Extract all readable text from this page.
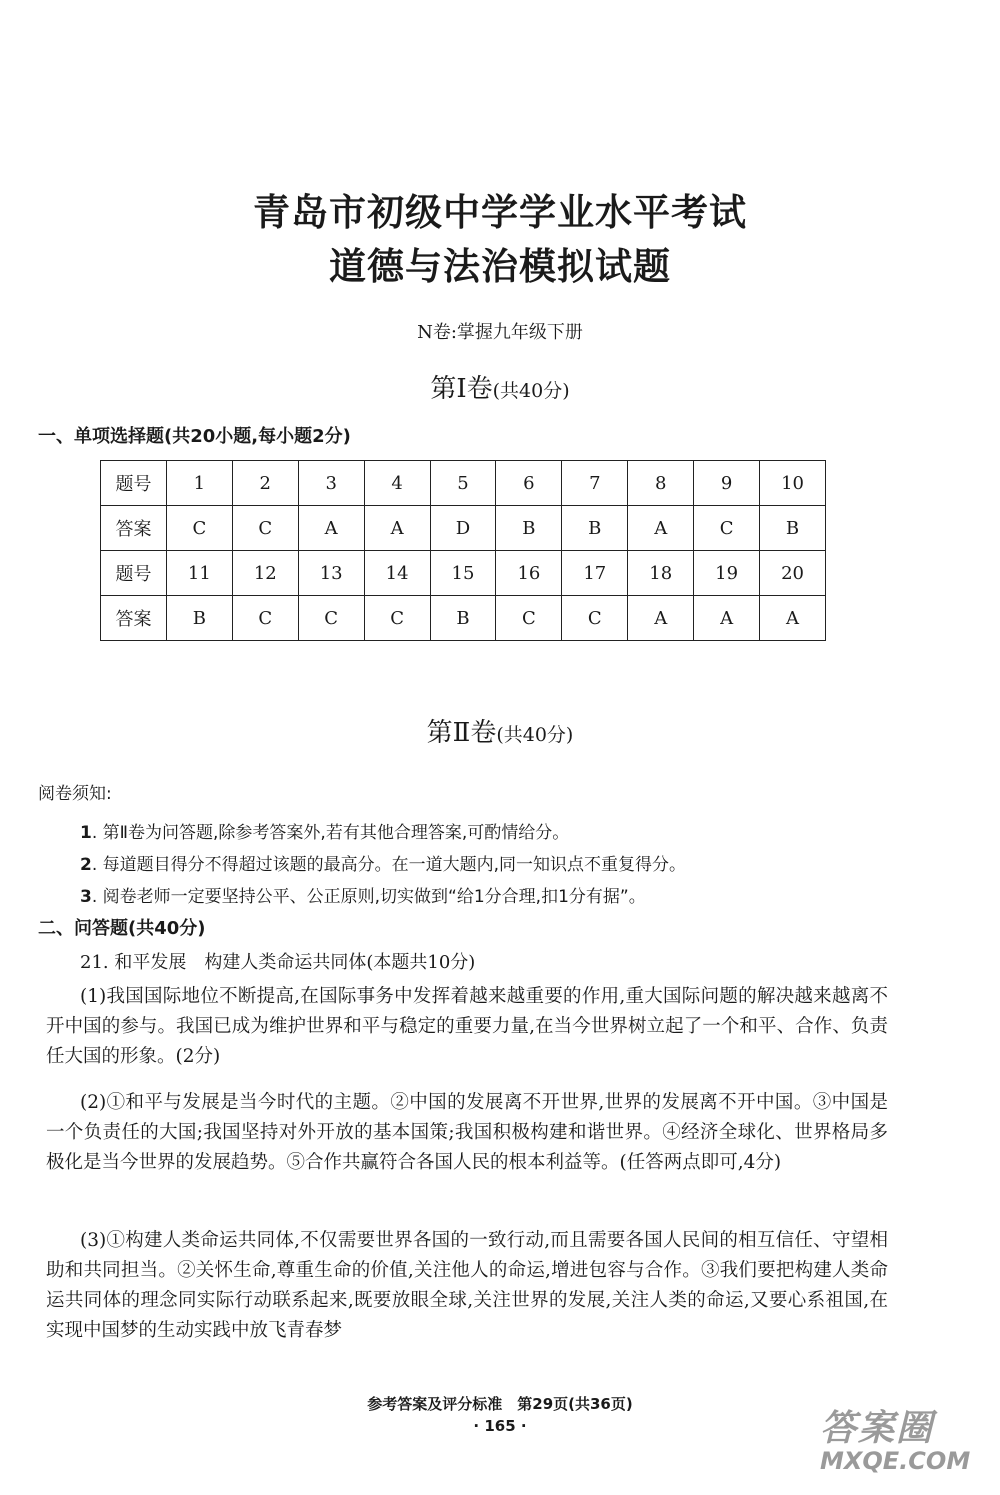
青岛市初级中学学业水平考试
道德与法治模拟试题
N卷:掌握九年级下册
第Ⅰ卷(共40分)
一、单项选择题(共20小题,每小题2分)
题号	1	2	3	4	5	6	7	8	9	10
答案	C	C	A	A	D	B	B	A	C	B
题号	11	12	13	14	15	16	17	18	19	20
答案	B	C	C	C	B	C	C	A	A	A
第Ⅱ卷(共40分)
阅卷须知:
1. 第Ⅱ卷为问答题,除参考答案外,若有其他合理答案,可酌情给分。
2. 每道题目得分不得超过该题的最高分。在一道大题内,同一知识点不重复得分。
3. 阅卷老师一定要坚持公平、公正原则,切实做到“给1分合理,扣1分有据”。
二、问答题(共40分)
21. 和平发展　构建人类命运共同体(本题共10分)
(1)我国国际地位不断提高,在国际事务中发挥着越来越重要的作用,重大国际问题的解决越来越离不开中国的参与。我国已成为维护世界和平与稳定的重要力量,在当今世界树立起了一个和平、合作、负责任大国的形象。(2分)
(2)①和平与发展是当今时代的主题。②中国的发展离不开世界,世界的发展离不开中国。③中国是一个负责任的大国;我国坚持对外开放的基本国策;我国积极构建和谐世界。④经济全球化、世界格局多极化是当今世界的发展趋势。⑤合作共赢符合各国人民的根本利益等。(任答两点即可,4分)
(3)①构建人类命运共同体,不仅需要世界各国的一致行动,而且需要各国人民间的相互信任、守望相助和共同担当。②关怀生命,尊重生命的价值,关注他人的命运,增进包容与合作。③我们要把构建人类命运共同体的理念同实际行动联系起来,既要放眼全球,关注世界的发展,关注人类的命运,又要心系祖国,在实现中国梦的生动实践中放飞青春梦
参考答案及评分标准　第29页(共36页)
· 165 ·	答案圈
MXQE.COM
